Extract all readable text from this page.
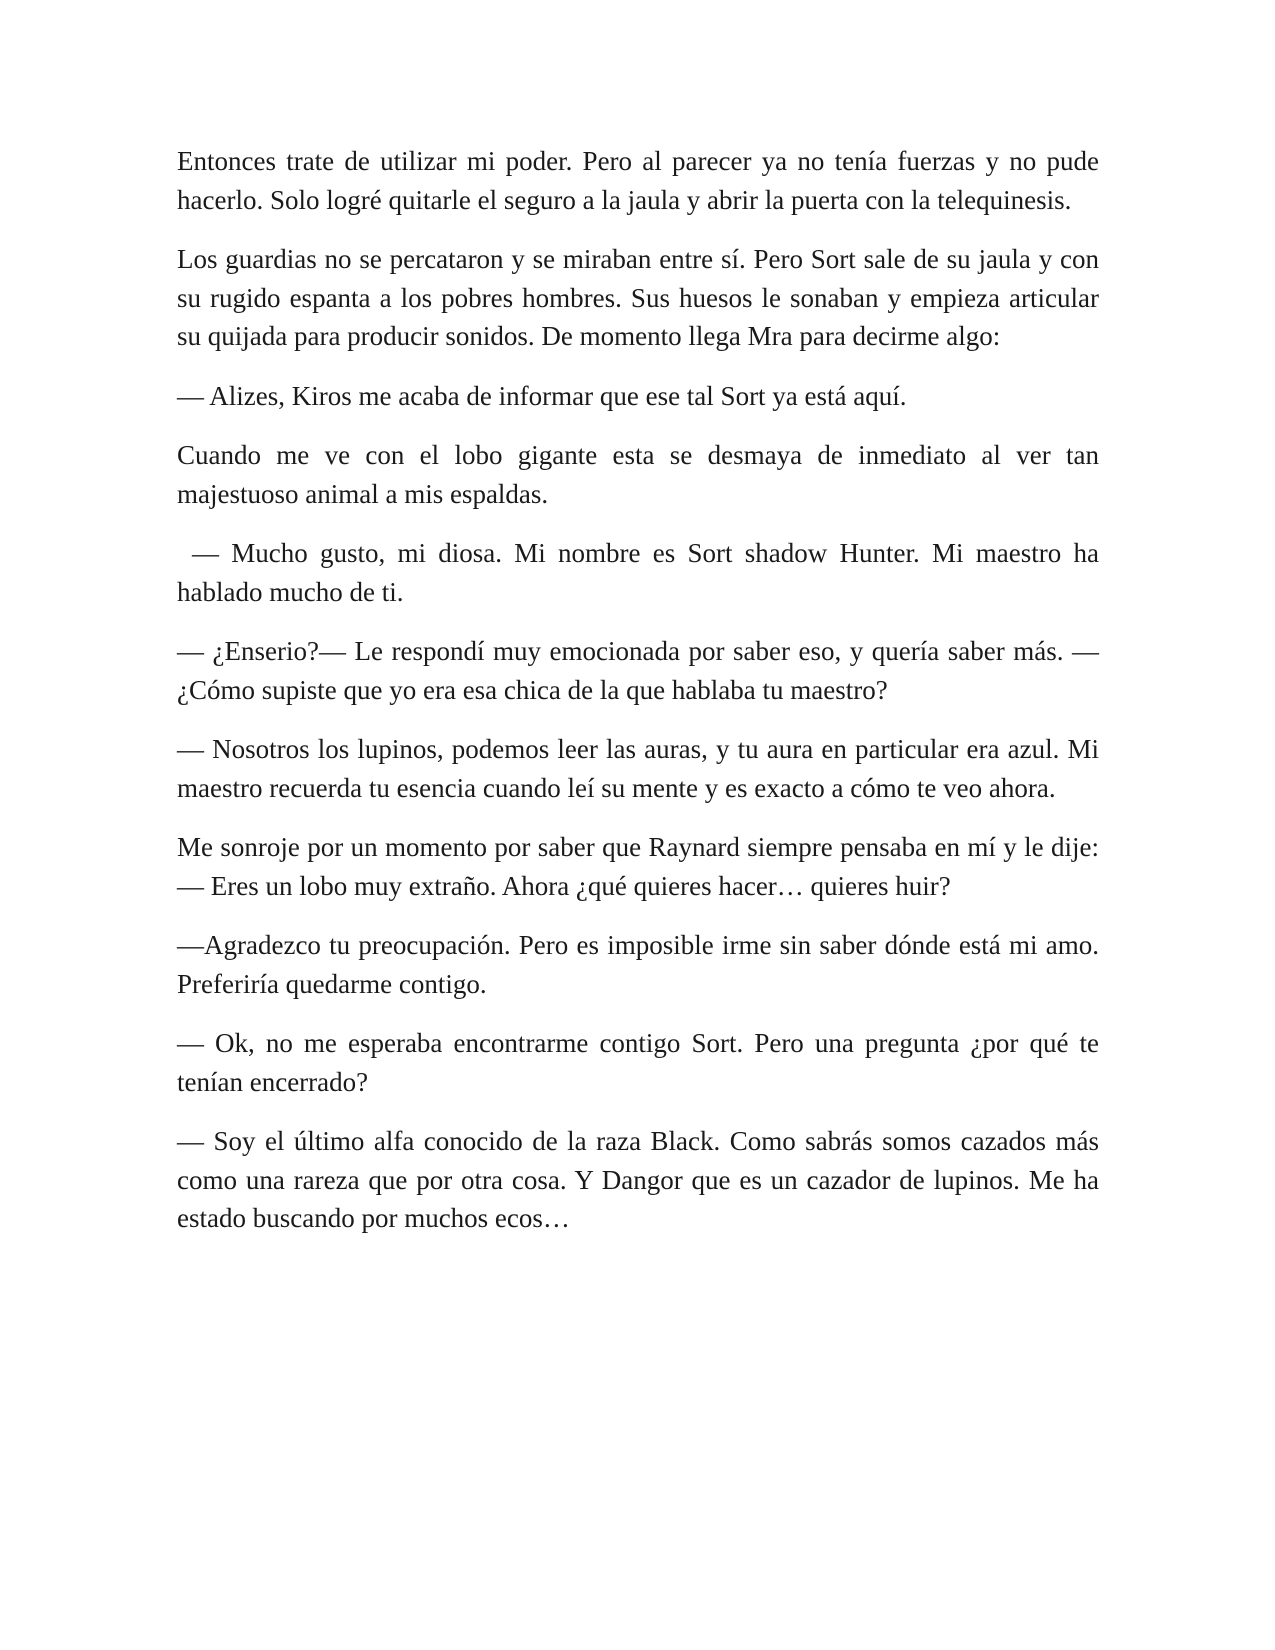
Entonces trate de utilizar mi poder. Pero al parecer ya no tenía fuerzas y no pude hacerlo. Solo logré quitarle el seguro a la jaula y abrir la puerta con la telequinesis.

Los guardias no se percataron y se miraban entre sí. Pero Sort sale de su jaula y con su rugido espanta a los pobres hombres. Sus huesos le sonaban y empieza articular su quijada para producir sonidos. De momento llega Mra para decirme algo:

— Alizes, Kiros me acaba de informar que ese tal Sort ya está aquí.

Cuando me ve con el lobo gigante esta se desmaya de inmediato al ver tan majestuoso animal a mis espaldas.

— Mucho gusto, mi diosa. Mi nombre es Sort shadow Hunter. Mi maestro ha hablado mucho de ti.

— ¿Enserio?— Le respondí muy emocionada por saber eso, y quería saber más. — ¿Cómo supiste que yo era esa chica de la que hablaba tu maestro?

— Nosotros los lupinos, podemos leer las auras, y tu aura en particular era azul. Mi maestro recuerda tu esencia cuando leí su mente y es exacto a cómo te veo ahora.

Me sonroje por un momento por saber que Raynard siempre pensaba en mí y le dije: — Eres un lobo muy extraño. Ahora ¿qué quieres hacer… quieres huir?

—Agradezco tu preocupación. Pero es imposible irme sin saber dónde está mi amo. Preferiría quedarme contigo.

— Ok, no me esperaba encontrarme contigo Sort. Pero una pregunta ¿por qué te tenían encerrado?

— Soy el último alfa conocido de la raza Black. Como sabrás somos cazados más como una rareza que por otra cosa. Y Dangor que es un cazador de lupinos. Me ha estado buscando por muchos ecos…
